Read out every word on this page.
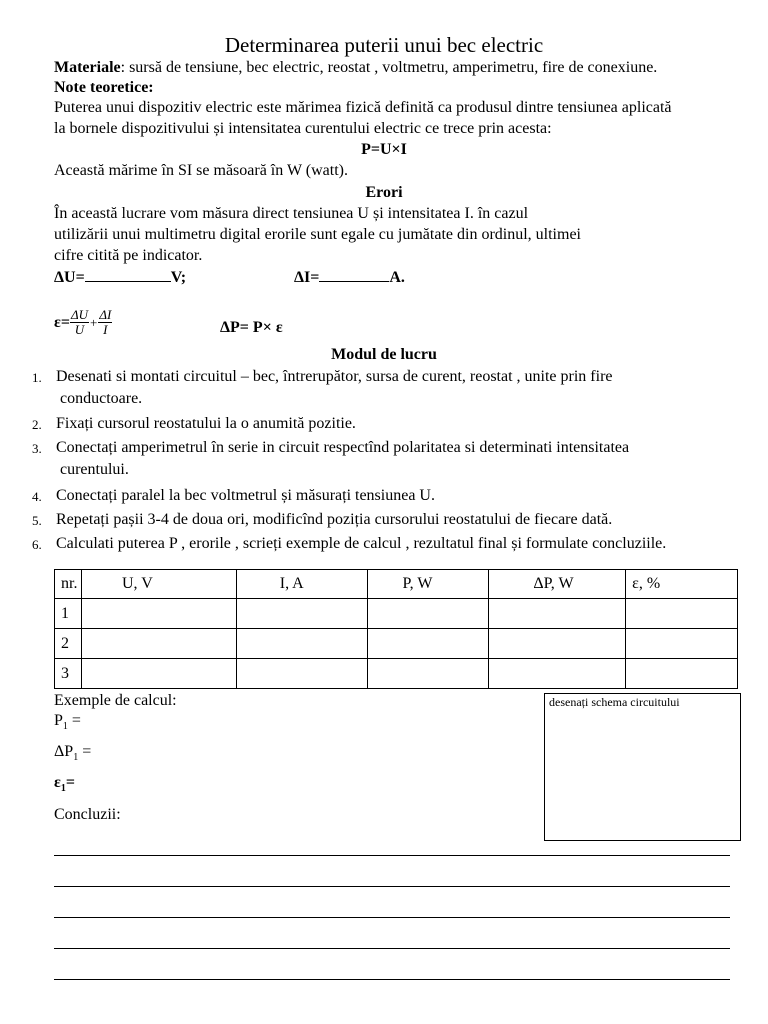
Determinarea puterii unui bec electric
Materiale: sursă de tensiune, bec electric, reostat , voltmetru, amperimetru, fire de conexiune.
Note teoretice:
Puterea unui dispozitiv electric este mărimea fizică definită ca produsul dintre tensiunea aplicată
la bornele dispozitivului și intensitatea curentului electric ce trece prin acesta:
P=U×I
Această mărime în SI se măsoară în W (watt).
Erori
În această lucrare vom măsura direct tensiunea U și intensitatea I. în cazul
utilizării unui multimetru digital erorile sunt egale cu jumătate din ordinul, ultimei
cifre citită pe indicator.
ΔU=	V;	ΔI=	A.
$\varepsilon= \frac{\Delta U}{U} + \frac{\Delta I}{I}$	ΔP= P× ε
Modul de lucru
1. Desenati si montati circuitul – bec, întrerupător, sursa de curent, reostat , unite prin fire
conductoare.
2. Fixați cursorul reostatului la o anumită pozitie.
3. Conectați amperimetrul în serie in circuit respectînd polaritatea si determinati intensitatea
curentului.
4. Conectați paralel la bec voltmetrul și măsurați tensiunea U.
5. Repetați pașii 3-4 de doua ori, modificînd poziția cursorului reostatului de fiecare dată.
6. Calculati puterea P , erorile , scrieți exemple de calcul , rezultatul final și formulate concluziile.
nr.	U, V	I, A	P, W	ΔP, W	ε, %
1					
2					
3					
Exemple de calcul:
$P_1$ =
$\Delta P_1$ =
$\varepsilon_1=$
Concluzii:
desenați schema circuitului
